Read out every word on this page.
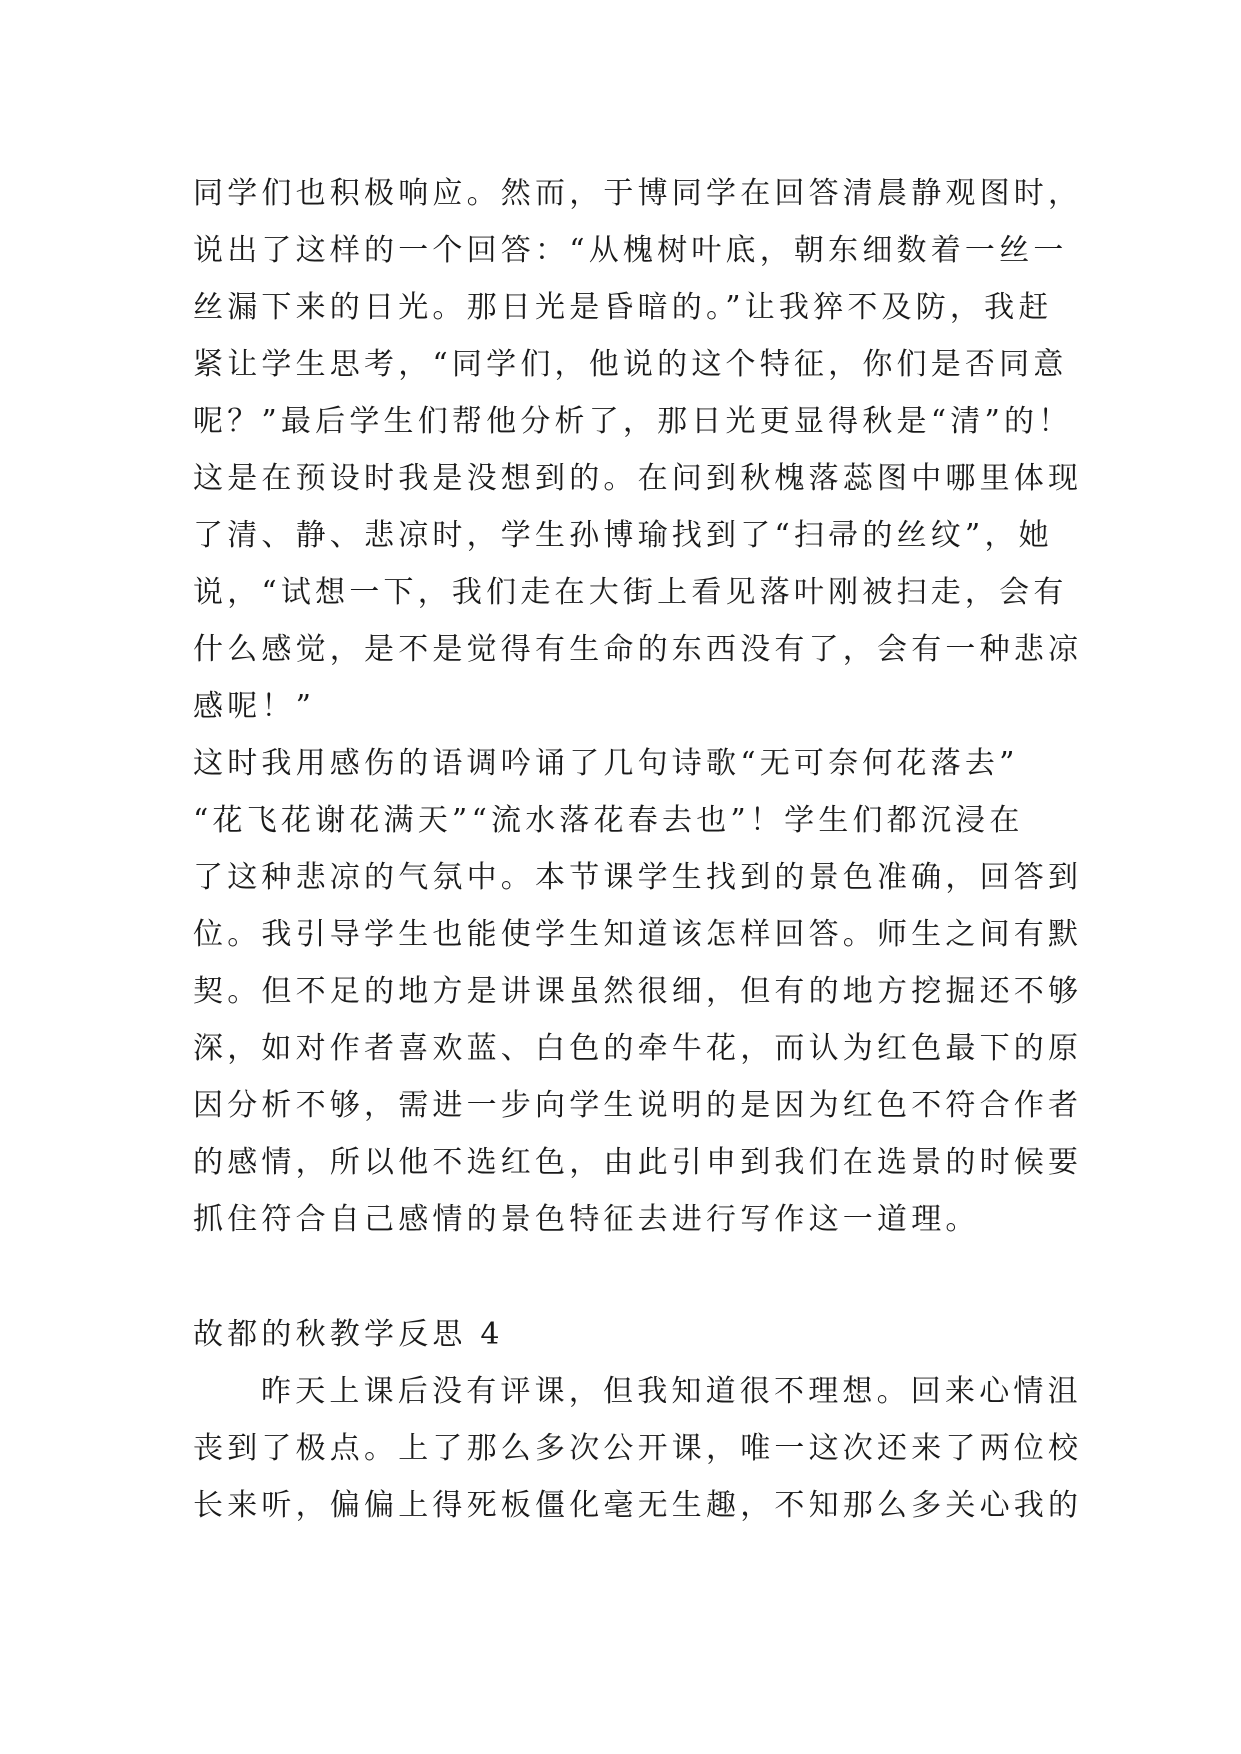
同学们也积极响应。然而，于博同学在回答清晨静观图时，
说出了这样的一个回答：“从槐树叶底，朝东细数着一丝一
丝漏下来的日光。那日光是昏暗的。”让我猝不及防，我赶
紧让学生思考，“同学们，他说的这个特征，你们是否同意
呢？”最后学生们帮他分析了，那日光更显得秋是“清”的！
这是在预设时我是没想到的。在问到秋槐落蕊图中哪里体现
了清、静、悲凉时，学生孙博瑜找到了“扫帚的丝纹”，她
说，“试想一下，我们走在大街上看见落叶刚被扫走，会有
什么感觉，是不是觉得有生命的东西没有了，会有一种悲凉
感呢！”
这时我用感伤的语调吟诵了几句诗歌“无可奈何花落去”
“花飞花谢花满天”“流水落花春去也”！学生们都沉浸在
了这种悲凉的气氛中。本节课学生找到的景色准确，回答到
位。我引导学生也能使学生知道该怎样回答。师生之间有默
契。但不足的地方是讲课虽然很细，但有的地方挖掘还不够
深，如对作者喜欢蓝、白色的牵牛花，而认为红色最下的原
因分析不够，需进一步向学生说明的是因为红色不符合作者
的感情，所以他不选红色，由此引申到我们在选景的时候要
抓住符合自己感情的景色特征去进行写作这一道理。
故都的秋教学反思 4
昨天上课后没有评课，但我知道很不理想。回来心情沮
丧到了极点。上了那么多次公开课，唯一这次还来了两位校
长来听，偏偏上得死板僵化毫无生趣，不知那么多关心我的
